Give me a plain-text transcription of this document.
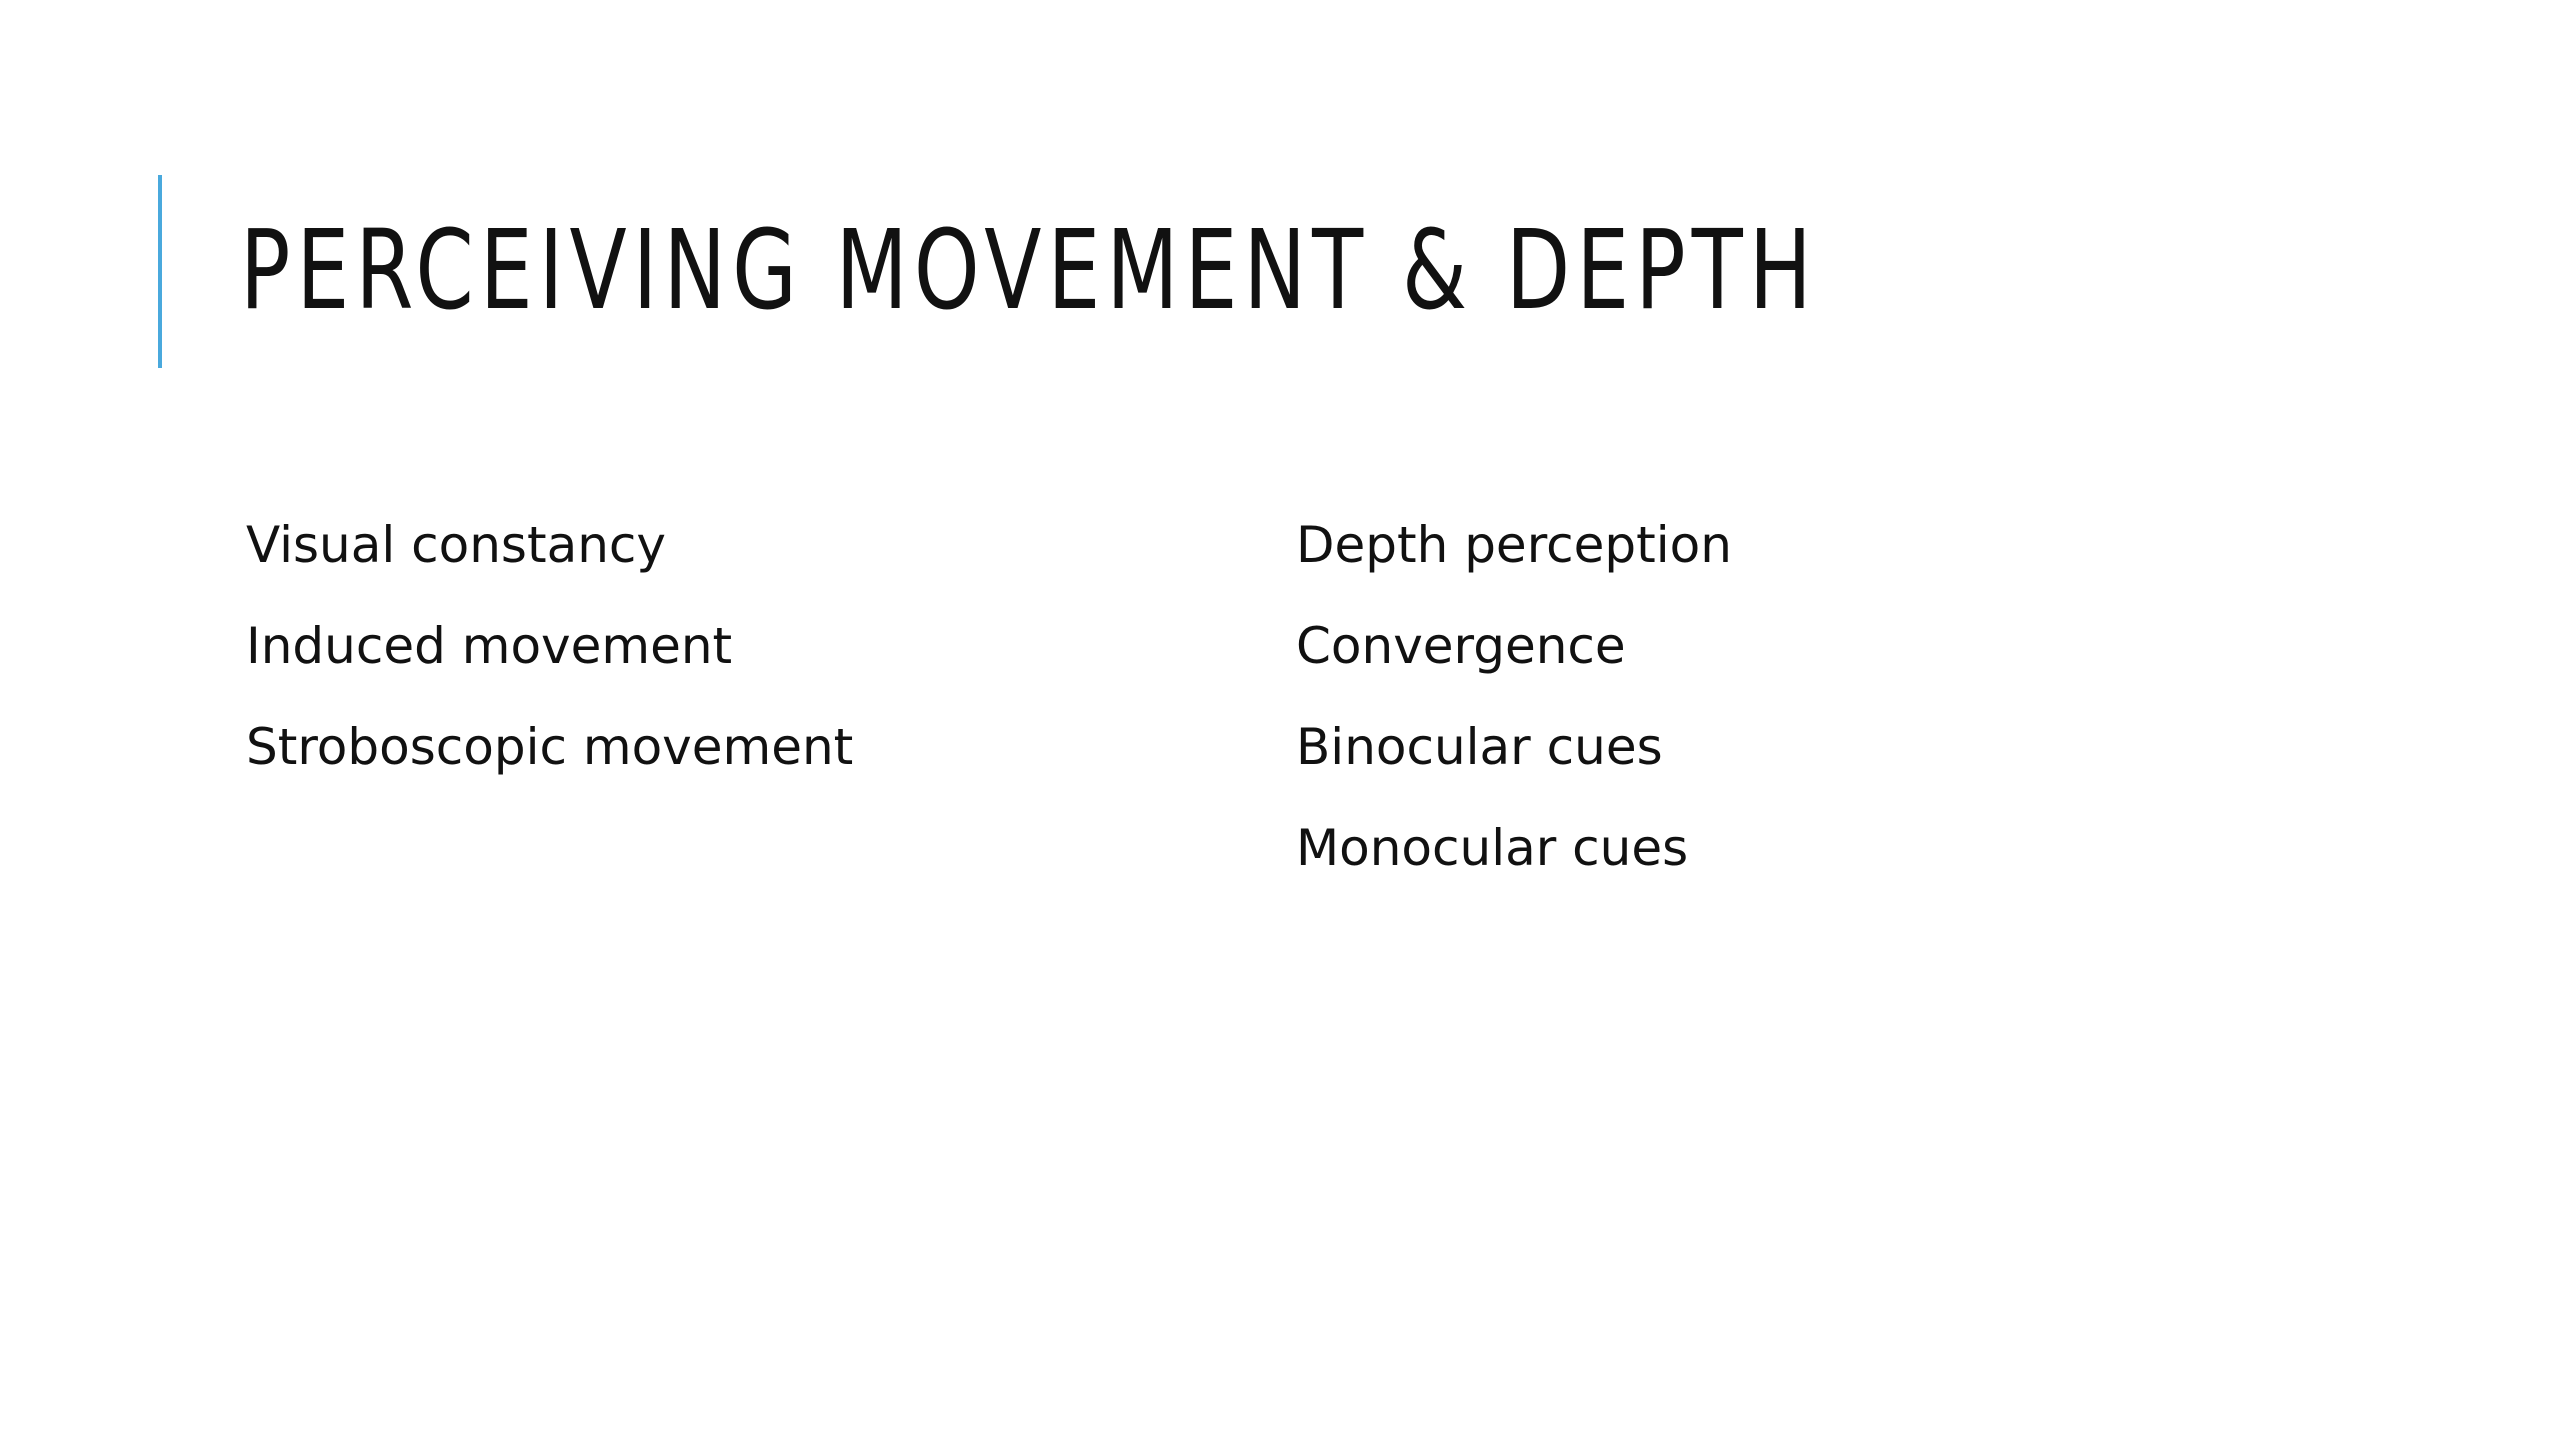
PERCEIVING MOVEMENT & DEPTH
Visual constancy
Induced movement
Stroboscopic movement
Depth perception
Convergence
Binocular cues
Monocular cues
